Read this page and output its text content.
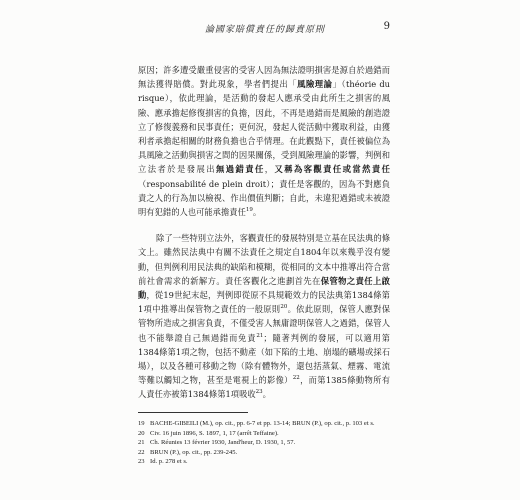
論國家賠償責任的歸責原則	9

原因；許多遭受嚴重侵害的受害人因為無法證明損害是源自於過錯而無法獲得賠償。對此現象，學者們提出「風險理論」（théorie du risque），依此理論，是活動的發起人應承受由此所生之損害的風險、應承擔起修復損害的負擔，因此，不再是過錯而是風險的創造證立了修復義務和民事責任；更何況，發起人從活動中獲取利益，由獲利者承擔起相關的財務負擔也合乎情理。在此觀點下，責任被偏位為具風險之活動與損害之間的因果關係，受到風險理論的影響，判例和立法者於是發展出無過錯責任，又稱為客觀責任或當然責任（responsabilité de plein droit）；責任是客觀的，因為不對應負責之人的行為加以檢視、作出價值判斷；自此，未違犯過錯或未被證明有犯錯的人也可能承擔責任$^{19}$。

除了一些特別立法外，客觀責任的發展特別是立基在民法典的條文上。雖然民法典中有關不法責任之規定自1804年以來幾乎沒有變動，但判例利用民法典的缺陷和模糊，從相同的文本中推導出符合當前社會需求的新解方。責任客觀化之進劃首先在保管物之責任上啟動，從19世紀末起，判例即從原不具規範效力的民法典第1384條第1項中推導出保管物之責任的一般原則$^{20}$。依此原則，保管人應對保管物所造成之損害負責，不僅受害人無庸證明保管人之過錯，保管人也不能舉證自己無過錯而免責$^{21}$；隨著判例的發展，可以適用第1384條第1項之物，包括不動產（如下陷的土地、崩塌的礦場或採石場），以及各種可移動之物（除有體物外，還包括蒸氣、煙霧、電流等難以觸知之物，甚至是電視上的影像）$^{22}$，而第1385條動物所有人責任亦被第1384條第1項吸收$^{23}$。

19 BACHE-GIBEILI (M.), op. cit., pp. 6-7 et pp. 13-14; BRUN (P.), op. cit., p. 103 et s.
20 Civ. 16 juin 1896, S. 1897, 1, 17 (arrêt Teffaine).
21 Ch. Réunies 13 février 1930, Jand'heur, D. 1930, 1, 57.
22 BRUN (P.), op. cit., pp. 239-245.
23 Id. p. 278 et s.
